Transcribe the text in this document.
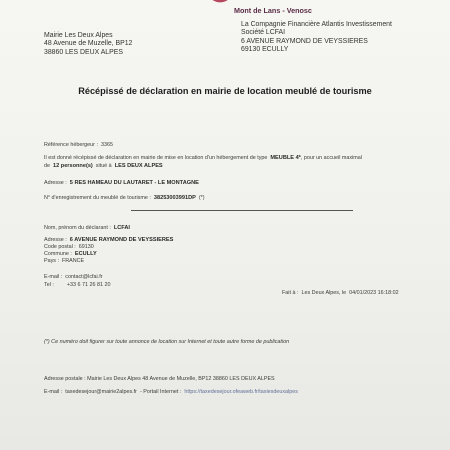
Mont de Lans - Venosc
Mairie Les Deux Alpes
48 Avenue de Muzelle, BP12
38860 LES DEUX ALPES
La Compagnie Financière Atlantis Investissement
Société LCFAI
6 AVENUE RAYMOND DE VEYSSIERES
69130 ECULLY
Récépissé de déclaration en mairie de location meublé de tourisme
Référence hébergeur : 3365
Il est donné récépissé de déclaration en mairie de mise en location d'un hébergement de type MEUBLE 4* , pour un accueil maximal
de 12 personne(s) situé à LES DEUX ALPES
Adresse : 5 RES HAMEAU DU LAUTARET - LE MONTAGNE
N° d'enregistrement du meublé de tourisme : 38253003991DP (*)
Nom, prénom du déclarant : LCFAI
Adresse : 6 AVENUE RAYMOND DE VEYSSIERES
Code postal : 69130
Commune : ECULLY
Pays : FRANCE
E-mail : contact@lcfai.fr
Tel : +33 6 71 26 81 20
Fait à : Les Deux Alpes , le 04/01/2023 16:18:02
(*) Ce numéro doit figurer sur toute annonce de location sur Internet et toute autre forme de publication
Adresse postale : Mairie Les Deux Alpes 48 Avenue de Muzelle, BP12 38860 LES DEUX ALPES
E-mail : taxedesejour@mairie2alpes.fr - Portail Internet : https://taxedesejour.ofeaweb.fr/taxiesdeuxalpes
